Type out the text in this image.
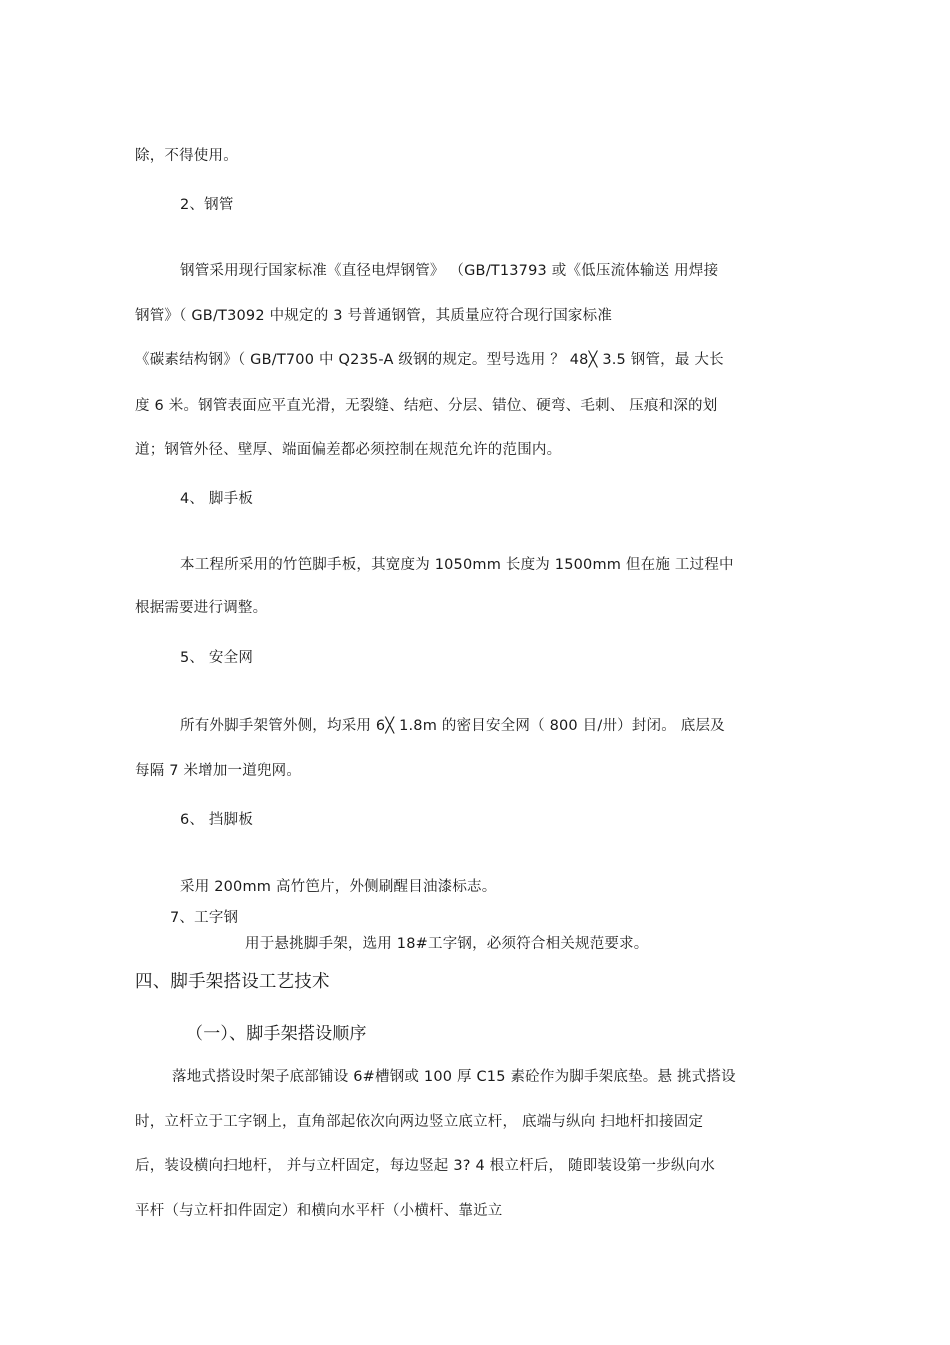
除，不得使用。

2、钢管

钢管采用现行国家标准《直径电焊钢管》 （GB/T13793 或《低压流体输送 用焊接

钢管》（ GB/T3092 中规定的 3 号普通钢管，其质量应符合现行国家标准

《碳素结构钢》（ GB/T700 中 Q235-A 级钢的规定。型号选用 ？ 48╳ 3.5 钢管，最 大长

度 6 米。钢管表面应平直光滑，无裂缝、结疤、分层、错位、硬弯、毛刺、 压痕和深的划

道；钢管外径、壁厚、端面偏差都必须控制在规范允许的范围内。

4、 脚手板

本工程所采用的竹笆脚手板，其宽度为 1050mm 长度为 1500mm 但在施 工过程中

根据需要进行调整。

5、 安全网

所有外脚手架管外侧，均采用 6╳ 1.8m 的密目安全网（ 800 目/卅）封闭。 底层及

每隔 7 米增加一道兜网。

6、 挡脚板

采用 200mm 高竹笆片，外侧刷醒目油漆标志。

7、工字钢

用于悬挑脚手架，选用 18#工字钢，必须符合相关规范要求。

四、脚手架搭设工艺技术

（一）、脚手架搭设顺序

落地式搭设时架子底部铺设 6#槽钢或 100 厚 C15 素砼作为脚手架底垫。悬 挑式搭设

时，立杆立于工字钢上，直角部起依次向两边竖立底立杆， 底端与纵向 扫地杆扣接固定

后，装设横向扫地杆， 并与立杆固定，每边竖起 3? 4 根立杆后， 随即装设第一步纵向水

平杆（与立杆扣件固定）和横向水平杆（小横杆、靠近立
